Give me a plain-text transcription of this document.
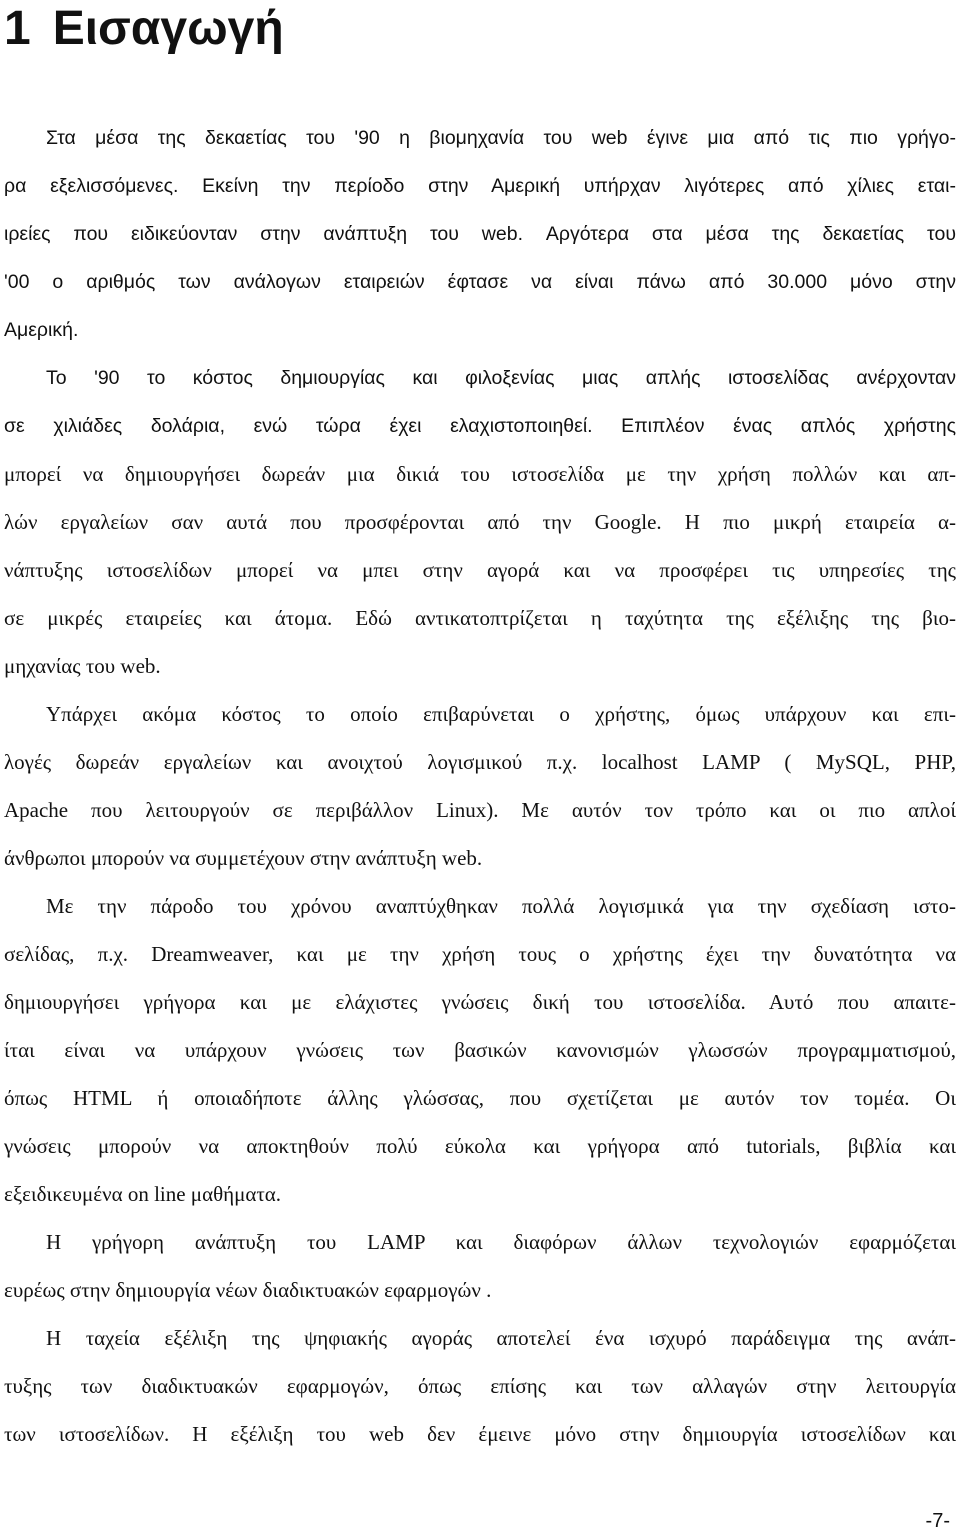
1 Εισαγωγή
Στα μέσα της δεκαετίας του '90 η βιομηχανία του web έγινε μια από τις πιο γρήγο-
ρα εξελισσόμενες. Εκείνη την περίοδο στην Αμερική υπήρχαν λιγότερες από χίλιες εται-
ιρείες που ειδικεύονταν στην ανάπτυξη του web. Αργότερα στα μέσα της δεκαετίας του
'00 ο αριθμός των ανάλογων εταιρειών έφτασε να είναι πάνω από 30.000 μόνο στην
Αμερική.
Το '90 το κόστος δημιουργίας και φιλοξενίας μιας απλής ιστοσελίδας ανέρχονταν
σε χιλιάδες δολάρια, ενώ τώρα έχει ελαχιστοποιηθεί. Επιπλέον ένας απλός χρήστης
μπορεί να δημιουργήσει δωρεάν μια δικιά του ιστοσελίδα με την χρήση πολλών και απ-
λών εργαλείων σαν αυτά που προσφέρονται από την Google. Η πιο μικρή εταιρεία α-
νάπτυξης ιστοσελίδων μπορεί να μπει στην αγορά και να προσφέρει τις υπηρεσίες της
σε μικρές εταιρείες και άτομα. Εδώ αντικατοπτρίζεται η ταχύτητα της εξέλιξης της βιο-
μηχανίας του web.
Υπάρχει ακόμα κόστος το οποίο επιβαρύνεται ο χρήστης, όμως υπάρχουν και επι-
λογές δωρεάν εργαλείων και ανοιχτού λογισμικού π.χ. localhost LAMP ( MySQL, PHP,
Apache που λειτουργούν σε περιβάλλον Linux). Με αυτόν τον τρόπο και οι πιο απλοί
άνθρωποι μπορούν να συμμετέχουν στην ανάπτυξη web.
Με την πάροδο του χρόνου αναπτύχθηκαν πολλά λογισμικά για την σχεδίαση ιστο-
σελίδας, π.χ. Dreamweaver, και με την χρήση τους ο χρήστης έχει την δυνατότητα να
δημιουργήσει γρήγορα και με ελάχιστες γνώσεις δική του ιστοσελίδα. Αυτό που απαιτε-
ίται είναι να υπάρχουν γνώσεις των βασικών κανονισμών γλωσσών προγραμματισμού,
όπως HTML ή οποιαδήποτε άλλης γλώσσας, που σχετίζεται με αυτόν τον τομέα. Οι
γνώσεις μπορούν να αποκτηθούν πολύ εύκολα και γρήγορα από tutorials, βιβλία και
εξειδικευμένα on line μαθήματα.
Η γρήγορη ανάπτυξη του LAMP και διαφόρων άλλων τεχνολογιών εφαρμόζεται
ευρέως στην δημιουργία νέων διαδικτυακών εφαρμογών .
Η ταχεία εξέλιξη της ψηφιακής αγοράς αποτελεί ένα ισχυρό παράδειγμα της ανάπ-
τυξης των διαδικτυακών εφαρμογών, όπως επίσης και των αλλαγών στην λειτουργία
των ιστοσελίδων. Η εξέλιξη του web δεν έμεινε μόνο στην δημιουργία ιστοσελίδων και
-7-
